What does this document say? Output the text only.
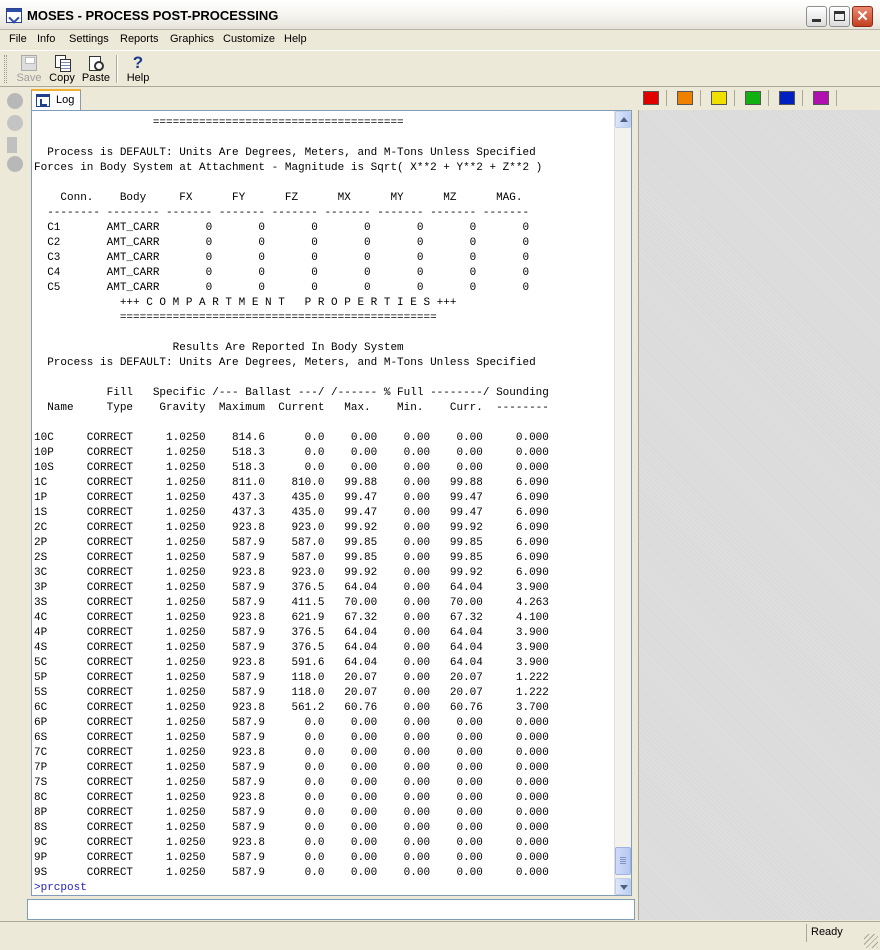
MOSES - PROCESS POST-PROCESSING	✕
File Info Settings Reports Graphics Customize Help
Save Copy Paste
?
Help
Log
======================================
Process is DEFAULT: Units Are Degrees, Meters, and M-Tons Unless Specified
Forces in Body System at Attachment - Magnitude is Sqrt( X**2 + Y**2 + Z**2 )
Conn.    Body     FX      FY      FZ      MX      MY      MZ      MAG.
-------- -------- ------- ------- ------- ------- ------- ------- -------
C1       AMT_CARR       0       0       0       0       0       0       0
C2       AMT_CARR       0       0       0       0       0       0       0
C3       AMT_CARR       0       0       0       0       0       0       0
C4       AMT_CARR       0       0       0       0       0       0       0
C5       AMT_CARR       0       0       0       0       0       0       0
+++ C O M P A R T M E N T   P R O P E R T I E S +++
================================================
Results Are Reported In Body System
Process is DEFAULT: Units Are Degrees, Meters, and M-Tons Unless Specified
Fill   Specific /--- Ballast ---/ /------ % Full --------/ Sounding
Name     Type    Gravity  Maximum  Current   Max.    Min.    Curr.  --------
10C     CORRECT     1.0250    814.6      0.0    0.00    0.00    0.00     0.000
10P     CORRECT     1.0250    518.3      0.0    0.00    0.00    0.00     0.000
10S     CORRECT     1.0250    518.3      0.0    0.00    0.00    0.00     0.000
1C      CORRECT     1.0250    811.0    810.0   99.88    0.00   99.88     6.090
1P      CORRECT     1.0250    437.3    435.0   99.47    0.00   99.47     6.090
1S      CORRECT     1.0250    437.3    435.0   99.47    0.00   99.47     6.090
2C      CORRECT     1.0250    923.8    923.0   99.92    0.00   99.92     6.090
2P      CORRECT     1.0250    587.9    587.0   99.85    0.00   99.85     6.090
2S      CORRECT     1.0250    587.9    587.0   99.85    0.00   99.85     6.090
3C      CORRECT     1.0250    923.8    923.0   99.92    0.00   99.92     6.090
3P      CORRECT     1.0250    587.9    376.5   64.04    0.00   64.04     3.900
3S      CORRECT     1.0250    587.9    411.5   70.00    0.00   70.00     4.263
4C      CORRECT     1.0250    923.8    621.9   67.32    0.00   67.32     4.100
4P      CORRECT     1.0250    587.9    376.5   64.04    0.00   64.04     3.900
4S      CORRECT     1.0250    587.9    376.5   64.04    0.00   64.04     3.900
5C      CORRECT     1.0250    923.8    591.6   64.04    0.00   64.04     3.900
5P      CORRECT     1.0250    587.9    118.0   20.07    0.00   20.07     1.222
5S      CORRECT     1.0250    587.9    118.0   20.07    0.00   20.07     1.222
6C      CORRECT     1.0250    923.8    561.2   60.76    0.00   60.76     3.700
6P      CORRECT     1.0250    587.9      0.0    0.00    0.00    0.00     0.000
6S      CORRECT     1.0250    587.9      0.0    0.00    0.00    0.00     0.000
7C      CORRECT     1.0250    923.8      0.0    0.00    0.00    0.00     0.000
7P      CORRECT     1.0250    587.9      0.0    0.00    0.00    0.00     0.000
7S      CORRECT     1.0250    587.9      0.0    0.00    0.00    0.00     0.000
8C      CORRECT     1.0250    923.8      0.0    0.00    0.00    0.00     0.000
8P      CORRECT     1.0250    587.9      0.0    0.00    0.00    0.00     0.000
8S      CORRECT     1.0250    587.9      0.0    0.00    0.00    0.00     0.000
9C      CORRECT     1.0250    923.8      0.0    0.00    0.00    0.00     0.000
9P      CORRECT     1.0250    587.9      0.0    0.00    0.00    0.00     0.000
9S      CORRECT     1.0250    587.9      0.0    0.00    0.00    0.00     0.000
>prcpost
Ready
